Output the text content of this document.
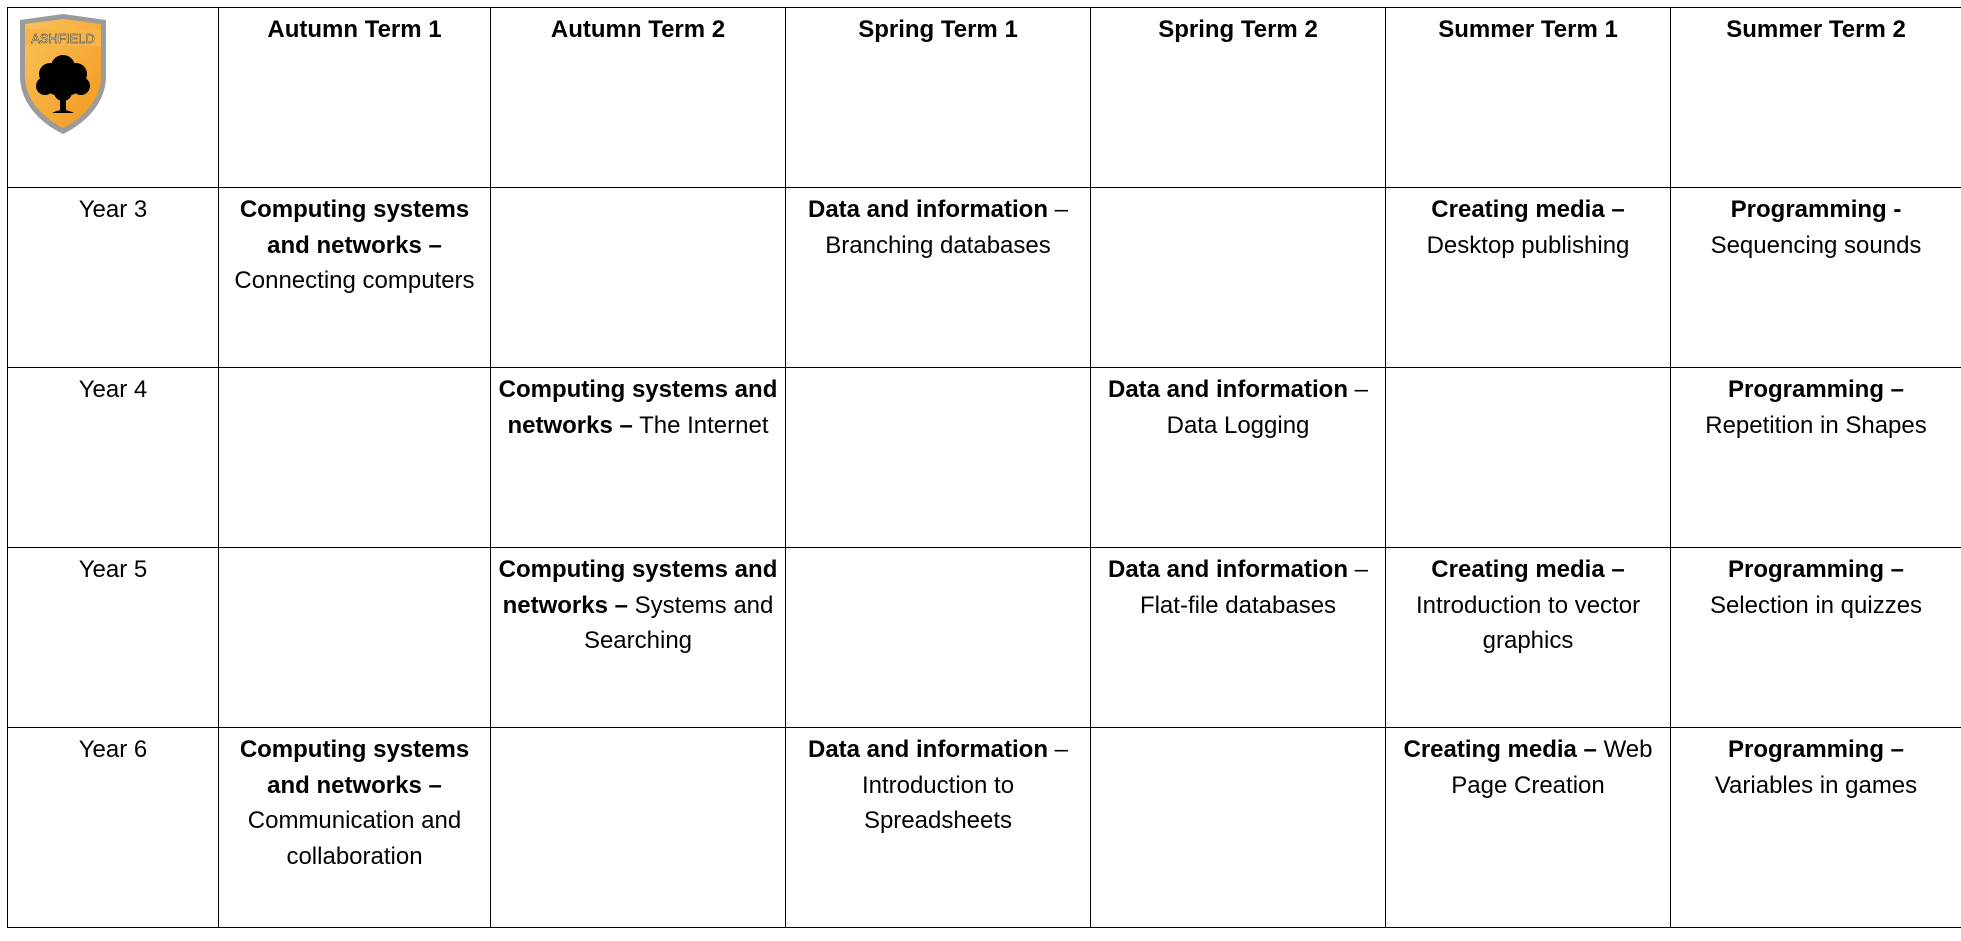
ASHFIELD	Autumn Term 1	Autumn Term 2	Spring Term 1	Spring Term 2	Summer Term 1	Summer Term 2
Year 3	Computing systems and networks – Connecting computers		Data and information – Branching databases		Creating media – Desktop publishing	Programming - Sequencing sounds
Year 4		Computing systems and networks – The Internet		Data and information – Data Logging		Programming – Repetition in Shapes
Year 5		Computing systems and networks – Systems and Searching		Data and information – Flat-file databases	Creating media – Introduction to vector graphics	Programming – Selection in quizzes
Year 6	Computing systems and networks – Communication and collaboration		Data and information – Introduction to Spreadsheets		Creating media – Web Page Creation	Programming – Variables in games
